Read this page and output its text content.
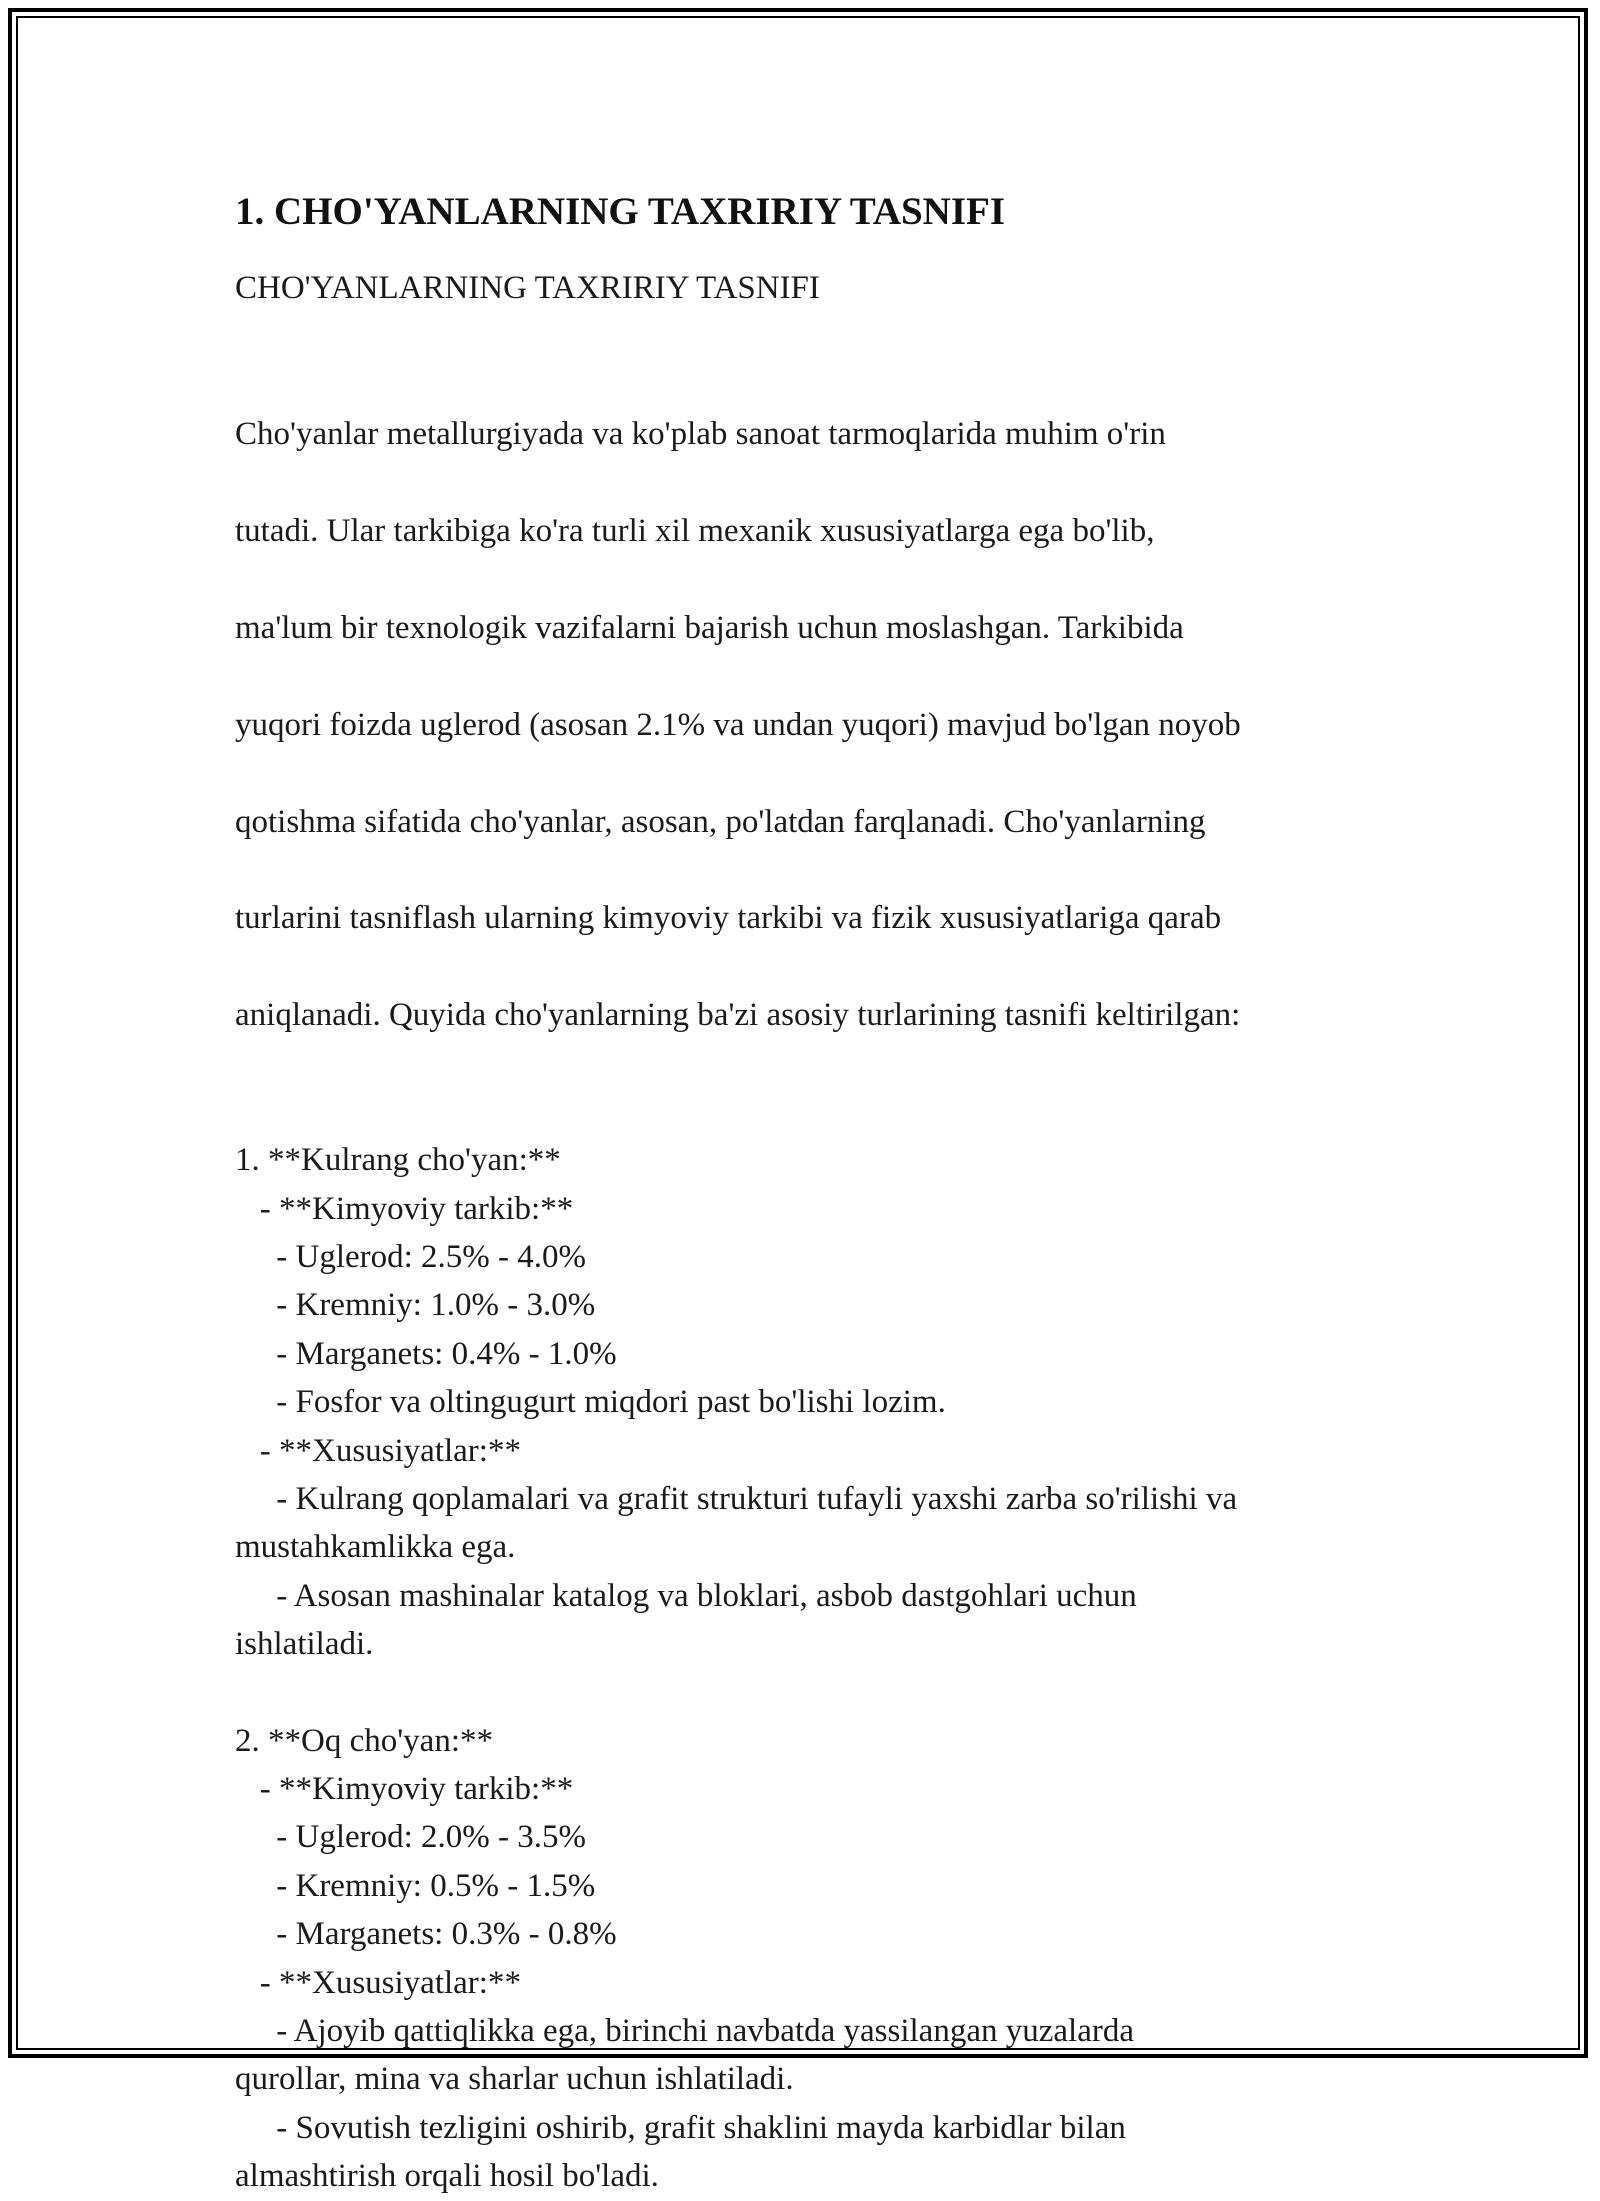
1. CHO'YANLARNING TAXRIRIY TASNIFI
CHO'YANLARNING TAXRIRIY TASNIFI

Cho'yanlar metallurgiyada va ko'plab sanoat tarmoqlarida muhim o'rin

tutadi. Ular tarkibiga ko'ra turli xil mexanik xususiyatlarga ega bo'lib,

ma'lum bir texnologik vazifalarni bajarish uchun moslashgan. Tarkibida

yuqori foizda uglerod (asosan 2.1% va undan yuqori) mavjud bo'lgan noyob

qotishma sifatida cho'yanlar, asosan, po'latdan farqlanadi. Cho'yanlarning

turlarini tasniflash ularning kimyoviy tarkibi va fizik xususiyatlariga qarab

aniqlanadi. Quyida cho'yanlarning ba'zi asosiy turlarining tasnifi keltirilgan:

1. **Kulrang cho'yan:**
- **Kimyoviy tarkib:**
- Uglerod: 2.5% - 4.0%
- Kremniy: 1.0% - 3.0%
- Marganets: 0.4% - 1.0%
- Fosfor va oltingugurt miqdori past bo'lishi lozim.
- **Xususiyatlar:**
- Kulrang qoplamalari va grafit strukturi tufayli yaxshi zarba so'rilishi va
mustahkamlikka ega.
- Asosan mashinalar katalog va bloklari, asbob dastgohlari uchun
ishlatiladi.
2. **Oq cho'yan:**
- **Kimyoviy tarkib:**
- Uglerod: 2.0% - 3.5%
- Kremniy: 0.5% - 1.5%
- Marganets: 0.3% - 0.8%
- **Xususiyatlar:**
- Ajoyib qattiqlikka ega, birinchi navbatda yassilangan yuzalarda
qurollar, mina va sharlar uchun ishlatiladi.
- Sovutish tezligini oshirib, grafit shaklini mayda karbidlar bilan
almashtirish orqali hosil bo'ladi.
